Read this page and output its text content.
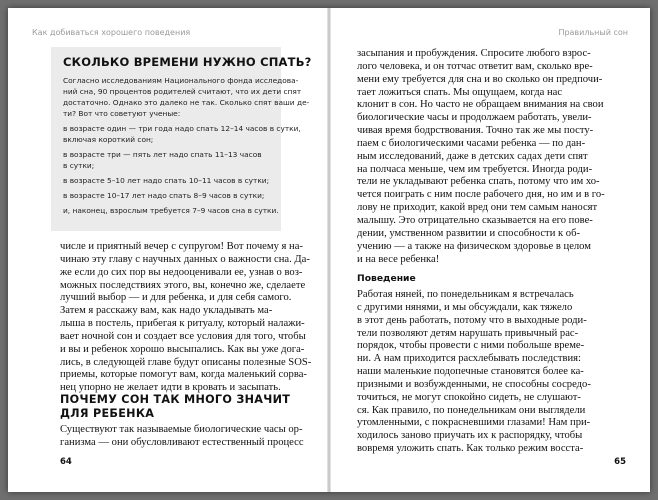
Как добиваться хорошего поведения
СКОЛЬКО ВРЕМЕНИ НУЖНО СПАТЬ?

Согласно исследованиям Национального фонда исследова-

ний сна, 90 процентов родителей считают, что их дети спят

достаточно. Однако это далеко не так. Сколько спят ваши де-

ти? Вот что советуют ученые:

в возрасте один — три года надо спать 12–14 часов в сутки,

включая короткий сон;

в возрасте три — пять лет надо спать 11–13 часов

в сутки;

в возрасте 5–10 лет надо спать 10–11 часов в сутки;

в возрасте 10–17 лет надо спать 8–9 часов в сутки;

и, наконец, взрослым требуется 7–9 часов сна в сутки.

числе и приятный вечер с супругом! Вот почему я на-
чинаю эту главу с научных данных о важности сна. Да-
же если до сих пор вы недооценивали ее, узнав о воз-
можных последствиях этого, вы, конечно же, сделаете
лучший выбор — и для ребенка, и для себя самого.
Затем я расскажу вам, как надо укладывать ма-
лыша в постель, прибегая к ритуалу, который налажи-
вает ночной сон и создает все условия для того, чтобы
и вы и ребенок хорошо высыпались. Как вы уже дога-
лись, в следующей главе будут описаны полезные SOS-
приемы, которые помогут вам, когда маленький сорва-
нец упорно не желает идти в кровать и засыпать.
ПОЧЕМУ СОН ТАК МНОГО ЗНАЧИТ
ДЛЯ РЕБЕНКА
Существуют так называемые биологические часы ор-
ганизма — они обусловливают естественный процесс
64
Правильный сон
засыпания и пробуждения. Спросите любого взрос-
лого человека, и он тотчас ответит вам, сколько вре-
мени ему требуется для сна и во сколько он предпочи-
тает ложиться спать. Мы ощущаем, когда нас
клонит в сон. Но часто не обращаем внимания на свои
биологические часы и продолжаем работать, увели-
чивая время бодрствования. Точно так же мы посту-
паем с биологическими часами ребенка — по дан-
ным исследований, даже в детских садах дети спят
на полчаса меньше, чем им требуется. Иногда роди-
тели не укладывают ребенка спать, потому что им хо-
чется поиграть с ним после рабочего дня, но им и в го-
лову не приходит, какой вред они тем самым наносят
малышу. Это отрицательно сказывается на его пове-
дении, умственном развитии и способности к об-
учению — а также на физическом здоровье в целом
и на весе ребенка!
Поведение
Работая няней, по понедельникам я встречалась
с другими нянями, и мы обсуждали, как тяжело
в этот день работать, потому что в выходные роди-
тели позволяют детям нарушать привычный рас-
порядок, чтобы провести с ними побольше време-
ни. А нам приходится расхлебывать последствия:
наши маленькие подопечные становятся более ка-
призными и возбужденными, не способны сосредо-
точиться, не могут спокойно сидеть, не слушают-
ся. Как правило, по понедельникам они выглядели
утомленными, с покрасневшими глазами! Нам при-
ходилось заново приучать их к распорядку, чтобы
вовремя уложить спать. Как только режим восста-
65
